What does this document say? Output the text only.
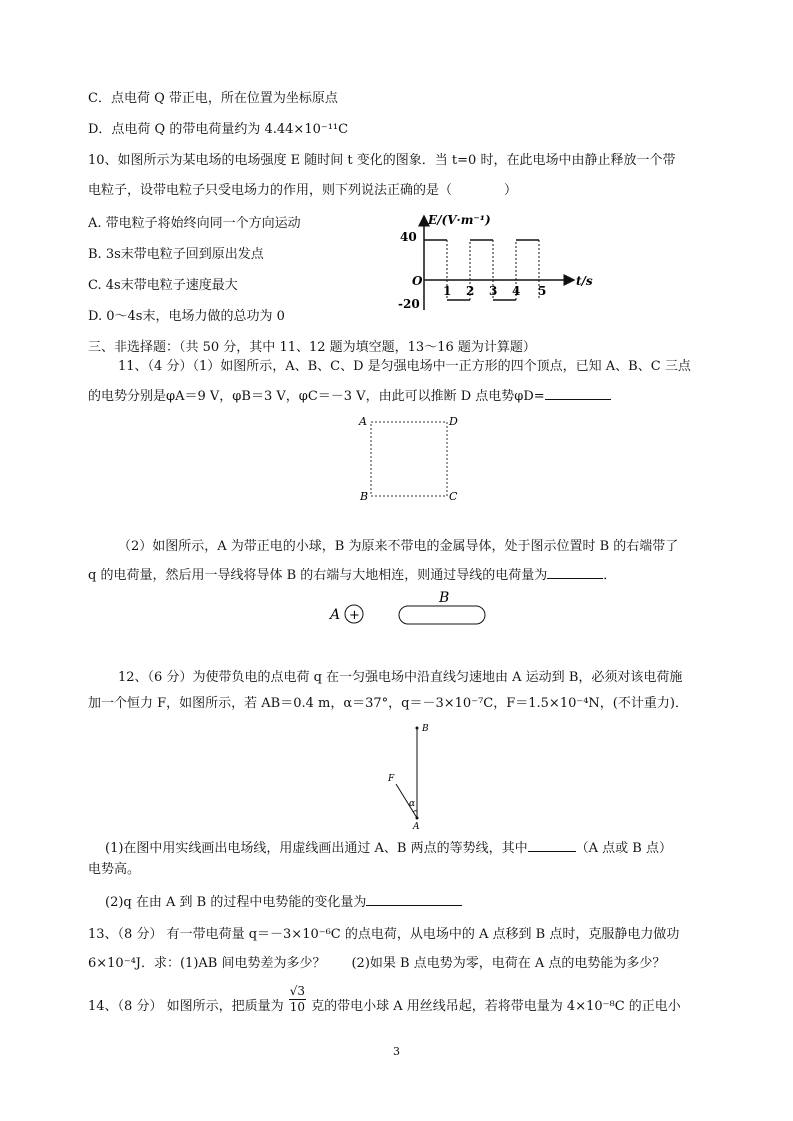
C．点电荷 Q 带正电，所在位置为坐标原点
D．点电荷 Q 的带电荷量约为 4.44×10⁻¹¹C
10、如图所示为某电场的电场强度 E 随时间 t 变化的图象．当 t=0 时，在此电场中由静止释放一个带
电粒子，设带电粒子只受电场力的作用，则下列说法正确的是（　　　　）
A. 带电粒子将始终向同一个方向运动
B. 3s末带电粒子回到原出发点
C. 4s末带电粒子速度最大
D. 0～4s末，电场力做的总功为 0
E/(V·m⁻¹)
t/s
O
40
-20
1 2 3 4 5
三、非选择题：（共 50 分，其中 11、12 题为填空题，13～16 题为计算题）
11、（4 分）（1）如图所示，A、B、C、D 是匀强电场中一正方形的四个顶点，已知 A、B、C 三点
的电势分别是φA＝9 V，φB＝3 V，φC＝－3 V，由此可以推断 D 点电势φD=
A	D
B	C
（2）如图所示，A 为带正电的小球，B 为原来不带电的金属导体，处于图示位置时 B 的右端带了
q 的电荷量，然后用一导线将导体 B 的右端与大地相连，则通过导线的电荷量为	．
A +
B
12、（6 分）为使带负电的点电荷 q 在一匀强电场中沿直线匀速地由 A 运动到 B，必须对该电荷施
加一个恒力 F，如图所示，若 AB＝0.4 m，α＝37°，q＝－3×10⁻⁷C，F＝1.5×10⁻⁴N，(不计重力)．
B
F
α
A
(1)在图中用实线画出电场线，用虚线画出通过 A、B 两点的等势线，其中	（A 点或 B 点）
电势高。
(2)q 在由 A 到 B 的过程中电势能的变化量为
13、（8 分） 有一带电荷量 q＝－3×10⁻⁶C 的点电荷，从电场中的 A 点移到 B 点时，克服静电力做功
6×10⁻⁴J．求：(1)AB 间电势差为多少？　　(2)如果 B 点电势为零，电荷在 A 点的电势能为多少？
14、（8 分） 如图所示，把质量为 $\frac{√3}{10}$ 克的带电小球 A 用丝线吊起，若将带电量为 4×10⁻⁸C 的正电小
3
